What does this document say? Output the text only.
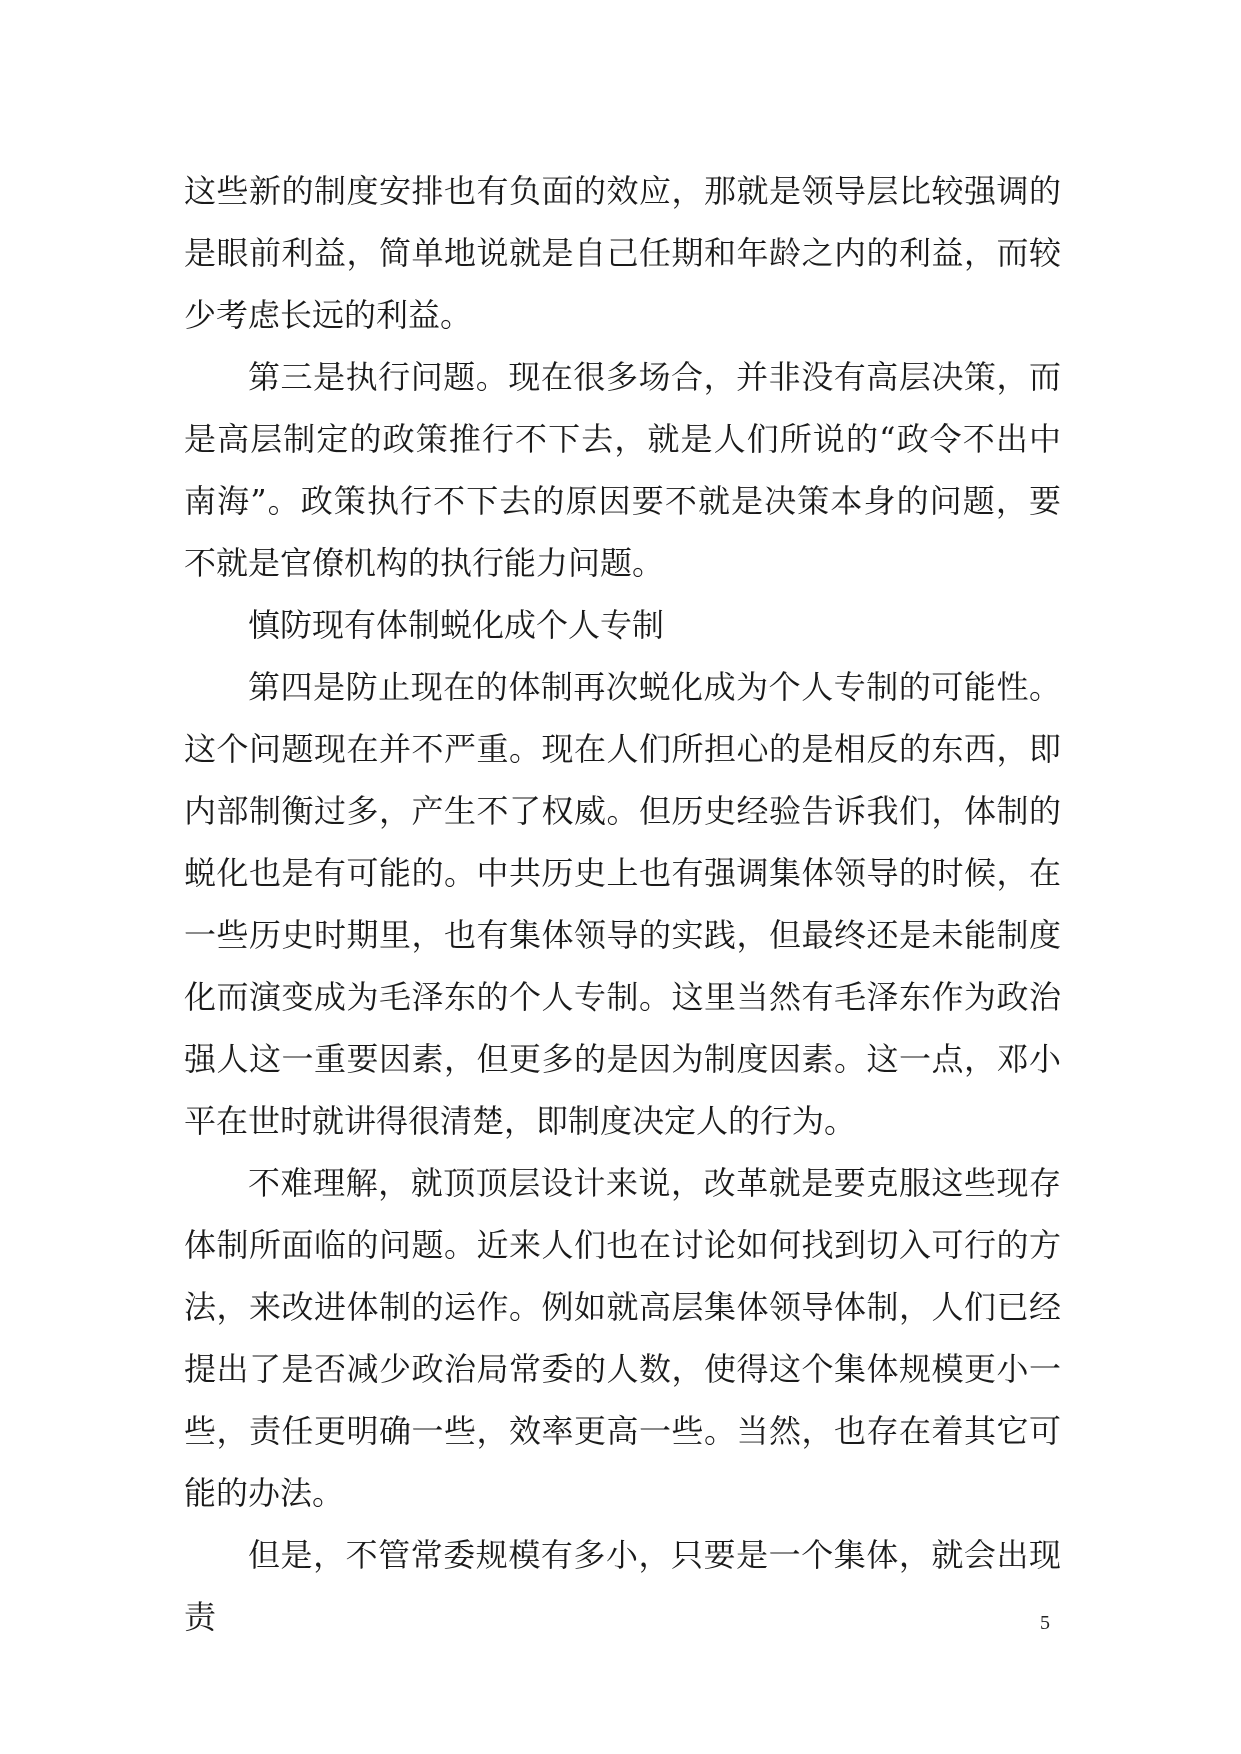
这些新的制度安排也有负面的效应，那就是领导层比较强调的是眼前利益，简单地说就是自己任期和年龄之内的利益，而较少考虑长远的利益。

第三是执行问题。现在很多场合，并非没有高层决策，而是高层制定的政策推行不下去，就是人们所说的“政令不出中南海”。政策执行不下去的原因要不就是决策本身的问题，要不就是官僚机构的执行能力问题。

慎防现有体制蜕化成个人专制

第四是防止现在的体制再次蜕化成为个人专制的可能性。这个问题现在并不严重。现在人们所担心的是相反的东西，即内部制衡过多，产生不了权威。但历史经验告诉我们，体制的蜕化也是有可能的。中共历史上也有强调集体领导的时候，在一些历史时期里，也有集体领导的实践，但最终还是未能制度化而演变成为毛泽东的个人专制。这里当然有毛泽东作为政治强人这一重要因素，但更多的是因为制度因素。这一点，邓小平在世时就讲得很清楚，即制度决定人的行为。

不难理解，就顶顶层设计来说，改革就是要克服这些现存体制所面临的问题。近来人们也在讨论如何找到切入可行的方法，来改进体制的运作。例如就高层集体领导体制，人们已经提出了是否减少政治局常委的人数，使得这个集体规模更小一些，责任更明确一些，效率更高一些。当然，也存在着其它可能的办法。

但是，不管常委规模有多小，只要是一个集体，就会出现责	5
